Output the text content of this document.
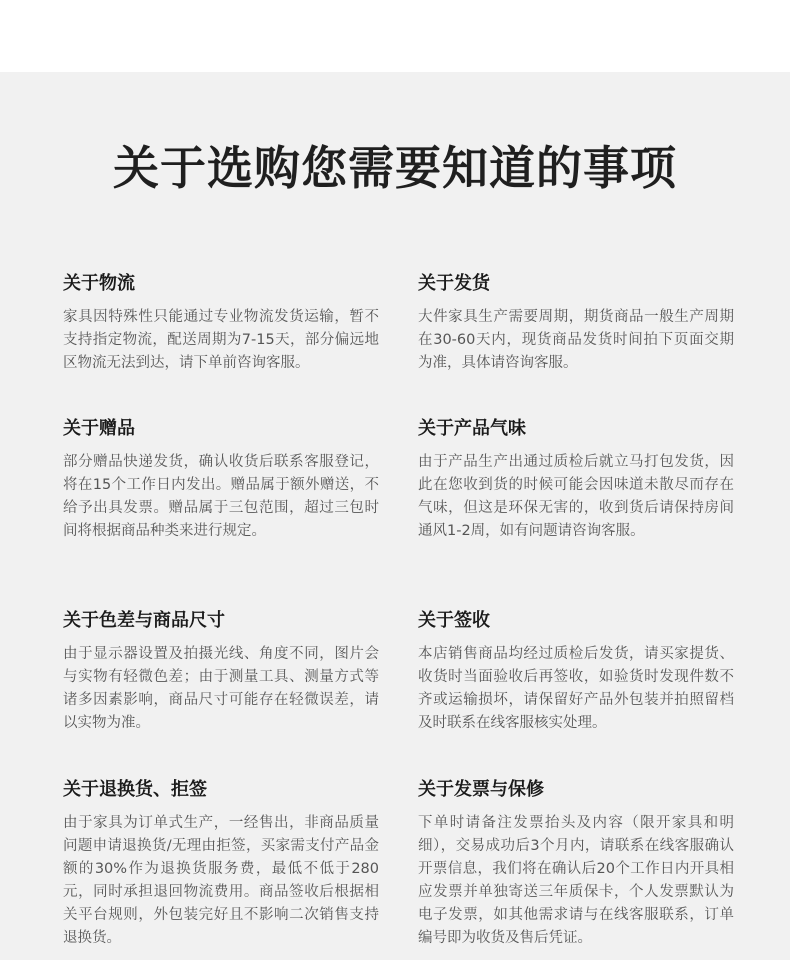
关于选购您需要知道的事项
关于物流
家具因特殊性只能通过专业物流发货运输，暂不支持指定物流，配送周期为7-15天，部分偏远地区物流无法到达，请下单前咨询客服。
关于发货
大件家具生产需要周期，期货商品一般生产周期在30-60天内，现货商品发货时间拍下页面交期为准，具体请咨询客服。
关于赠品
部分赠品快递发货，确认收货后联系客服登记，将在15个工作日内发出。赠品属于额外赠送，不给予出具发票。赠品属于三包范围，超过三包时间将根据商品种类来进行规定。
关于产品气味
由于产品生产出通过质检后就立马打包发货，因此在您收到货的时候可能会因味道未散尽而存在气味，但这是环保无害的，收到货后请保持房间通风1-2周，如有问题请咨询客服。
关于色差与商品尺寸
由于显示器设置及拍摄光线、角度不同，图片会与实物有轻微色差；由于测量工具、测量方式等诸多因素影响，商品尺寸可能存在轻微误差，请以实物为准。
关于签收
本店销售商品均经过质检后发货，请买家提货、收货时当面验收后再签收，如验货时发现件数不齐或运输损坏，请保留好产品外包装并拍照留档及时联系在线客服核实处理。
关于退换货、拒签
由于家具为订单式生产，一经售出，非商品质量问题申请退换货/无理由拒签，买家需支付产品金额的30%作为退换货服务费，最低不低于280元，同时承担退回物流费用。商品签收后根据相关平台规则，外包装完好且不影响二次销售支持退换货。
关于发票与保修
下单时请备注发票抬头及内容（限开家具和明细），交易成功后3个月内，请联系在线客服确认开票信息，我们将在确认后20个工作日内开具相应发票并单独寄送三年质保卡，个人发票默认为电子发票，如其他需求请与在线客服联系，订单编号即为收货及售后凭证。
